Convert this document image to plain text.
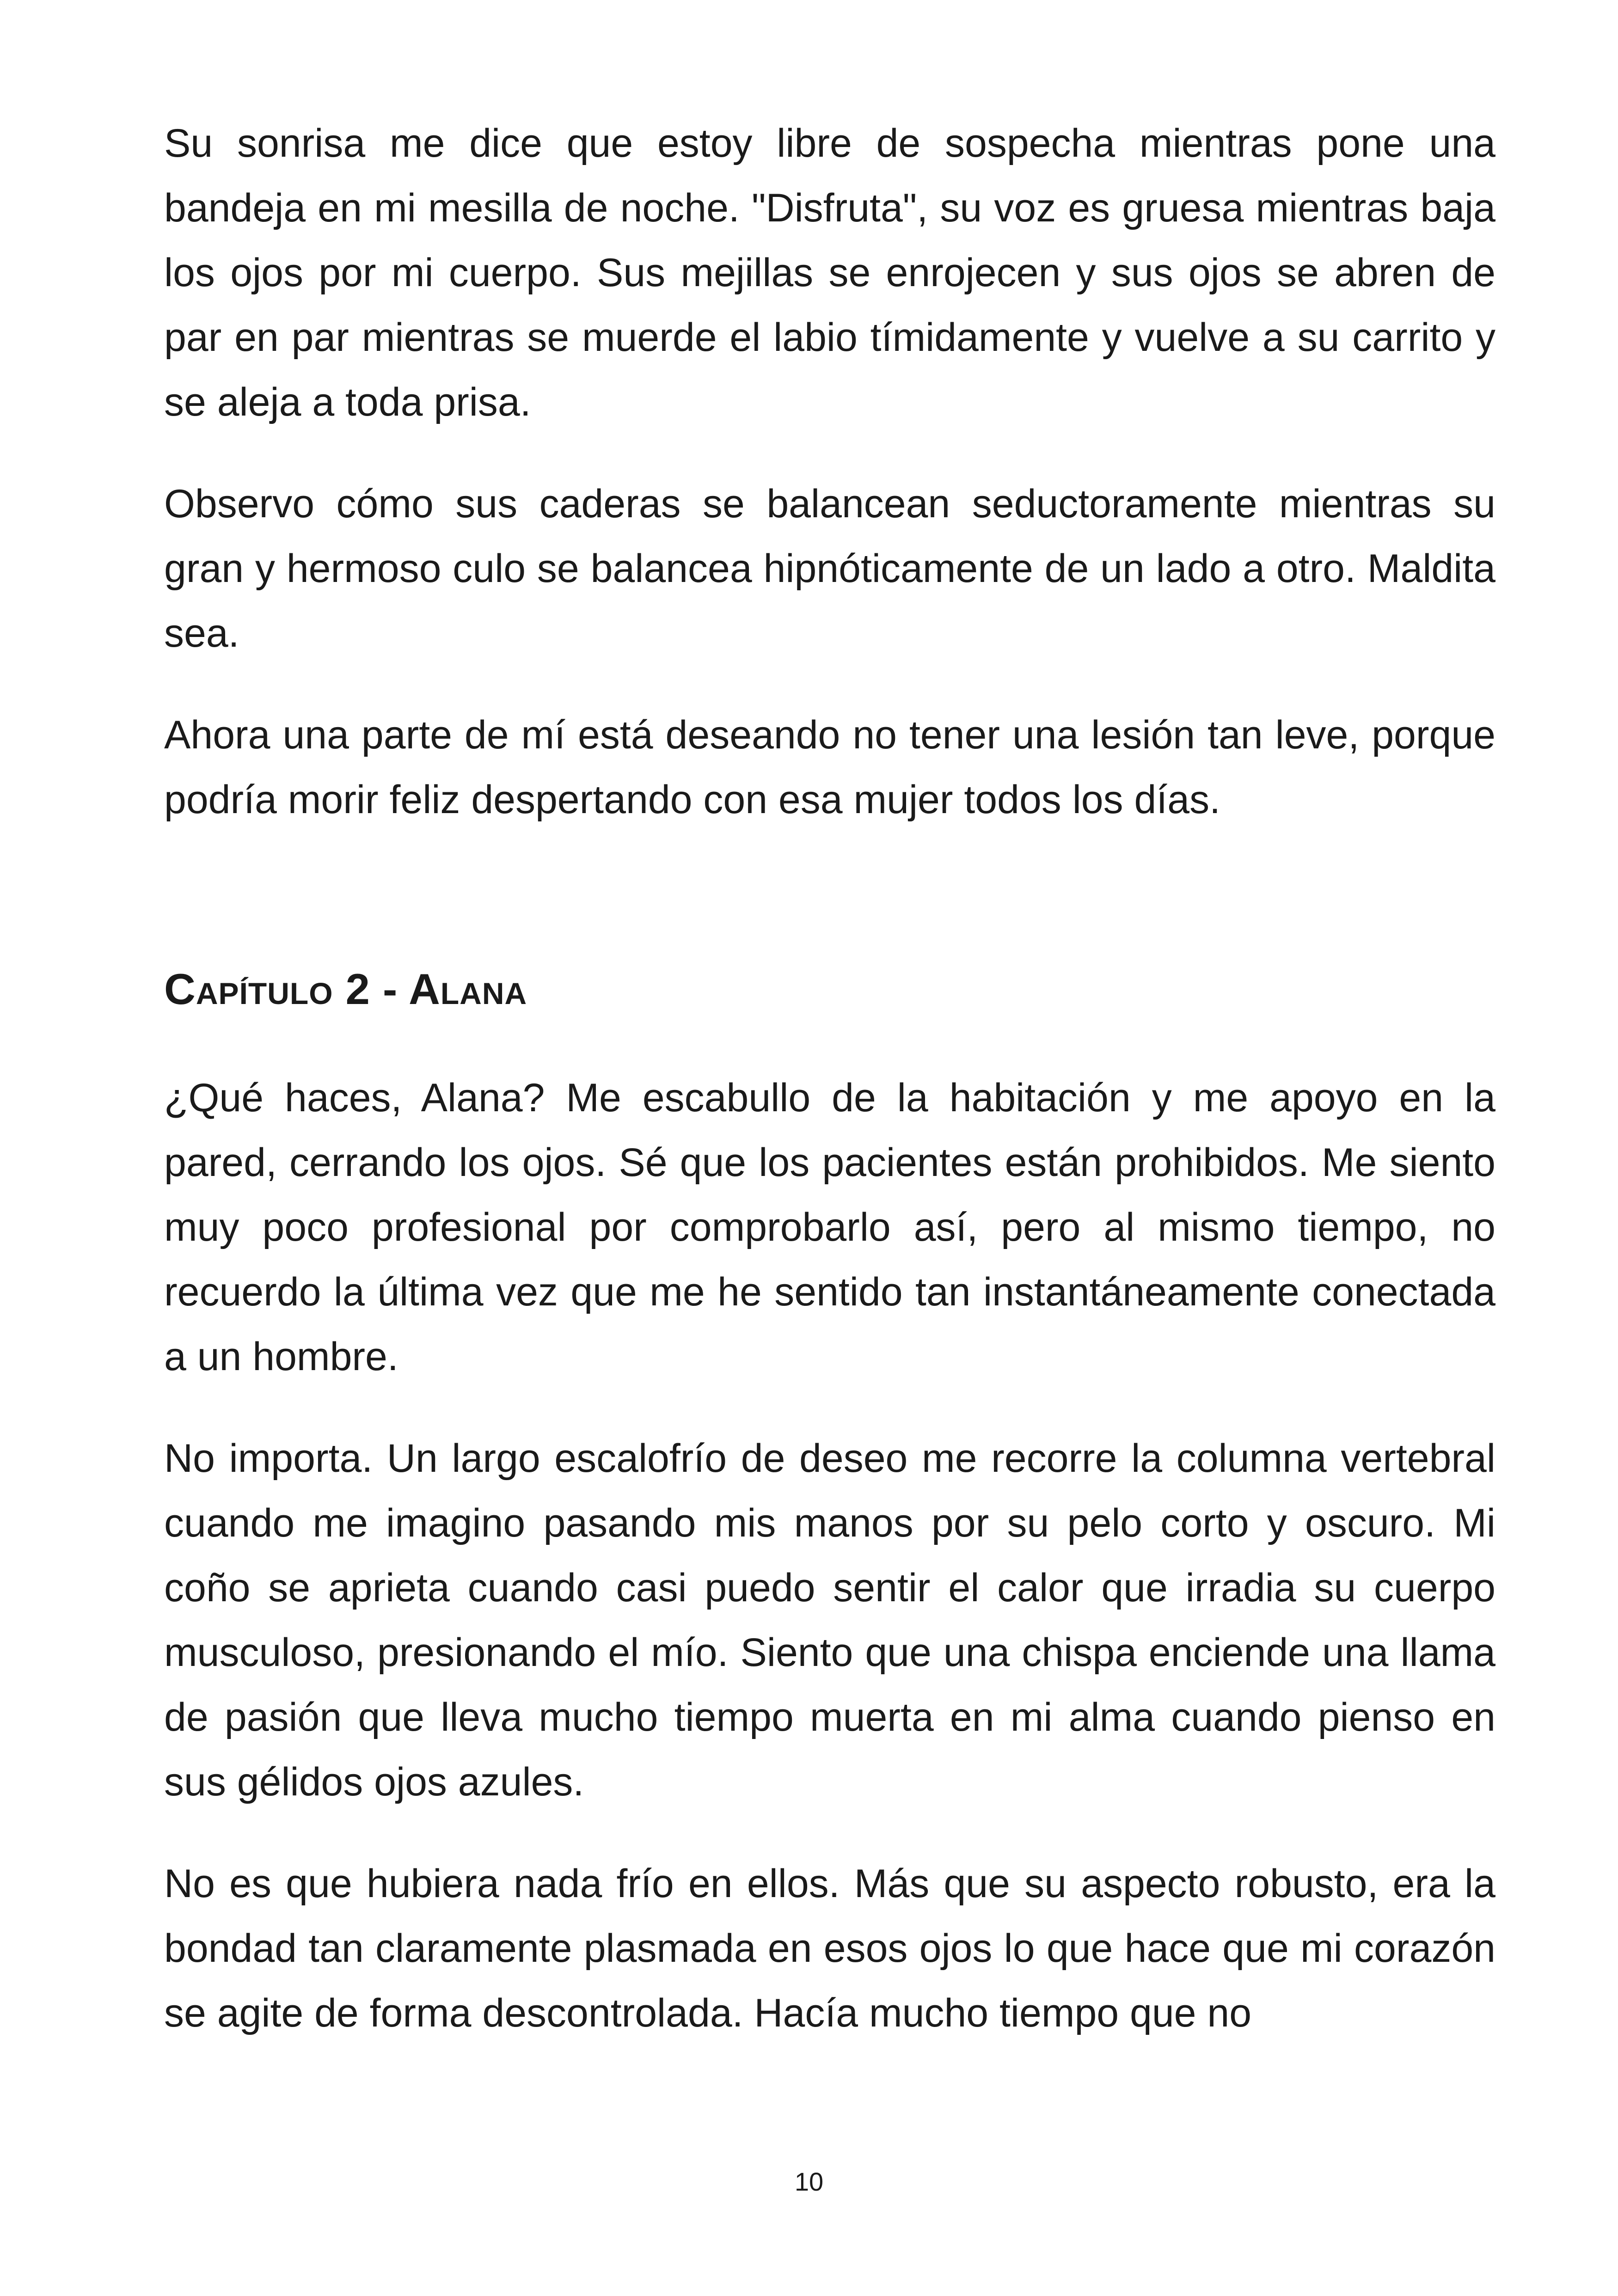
Su sonrisa me dice que estoy libre de sospecha mientras pone una bandeja en mi mesilla de noche. "Disfruta", su voz es gruesa mientras baja los ojos por mi cuerpo. Sus mejillas se enrojecen y sus ojos se abren de par en par mientras se muerde el labio tímidamente y vuelve a su carrito y se aleja a toda prisa.

Observo cómo sus caderas se balancean seductoramente mientras su gran y hermoso culo se balancea hipnóticamente de un lado a otro. Maldita sea.

Ahora una parte de mí está deseando no tener una lesión tan leve, porque podría morir feliz despertando con esa mujer todos los días.

Capítulo 2 - Alana

¿Qué haces, Alana? Me escabullo de la habitación y me apoyo en la pared, cerrando los ojos. Sé que los pacientes están prohibidos. Me siento muy poco profesional por comprobarlo así, pero al mismo tiempo, no recuerdo la última vez que me he sentido tan instantáneamente conectada a un hombre.

No importa. Un largo escalofrío de deseo me recorre la columna vertebral cuando me imagino pasando mis manos por su pelo corto y oscuro. Mi coño se aprieta cuando casi puedo sentir el calor que irradia su cuerpo musculoso, presionando el mío. Siento que una chispa enciende una llama de pasión que lleva mucho tiempo muerta en mi alma cuando pienso en sus gélidos ojos azules.

No es que hubiera nada frío en ellos. Más que su aspecto robusto, era la bondad tan claramente plasmada en esos ojos lo que hace que mi corazón se agite de forma descontrolada. Hacía mucho tiempo que no

10
